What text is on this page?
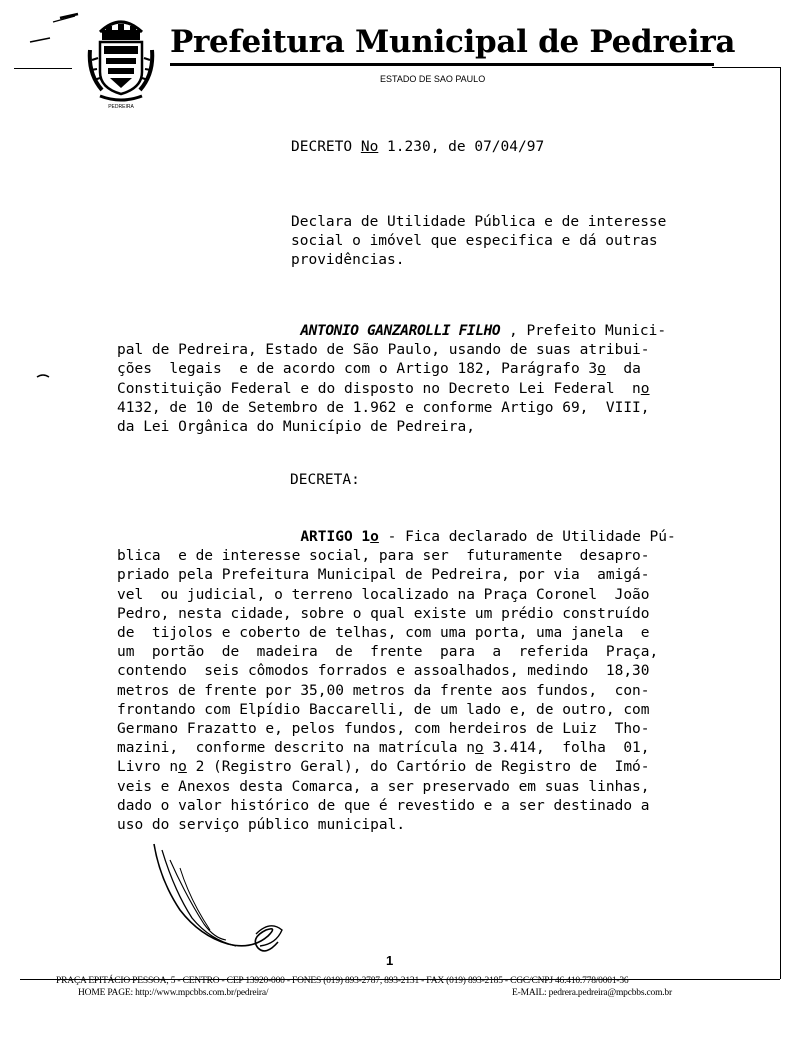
PEDREIRA
Prefeitura Municipal de Pedreira
ESTADO DE SAO PAULO
DECRETO No 1.230, de 07/04/97
Declara de Utilidade Pública e de interesse
social o imóvel que especifica e dá outras
providências.
ANTONIO GANZAROLLI FILHO , Prefeito Munici-
pal de Pedreira, Estado de São Paulo, usando de suas atribui-
ções  legais  e de acordo com o Artigo 182, Parágrafo 3o  da
Constituição Federal e do disposto no Decreto Lei Federal  no
4132, de 10 de Setembro de 1.962 e conforme Artigo 69,  VIII,
da Lei Orgânica do Município de Pedreira,
DECRETA:
ARTIGO 1o - Fica declarado de Utilidade Pú-
blica  e de interesse social, para ser  futuramente  desapro-
priado pela Prefeitura Municipal de Pedreira, por via  amigá-
vel  ou judicial, o terreno localizado na Praça Coronel  João
Pedro, nesta cidade, sobre o qual existe um prédio construído
de  tijolos e coberto de telhas, com uma porta, uma janela  e
um  portão  de  madeira  de  frente  para  a  referida  Praça,
contendo  seis cômodos forrados e assoalhados, medindo  18,30
metros de frente por 35,00 metros da frente aos fundos,  con-
frontando com Elpídio Baccarelli, de um lado e, de outro, com
Germano Frazatto e, pelos fundos, com herdeiros de Luiz  Tho-
mazini,  conforme descrito na matrícula no 3.414,  folha  01,
Livro no 2 (Registro Geral), do Cartório de Registro de  Imó-
veis e Anexos desta Comarca, a ser preservado em suas linhas,
dado o valor histórico de que é revestido e a ser destinado a
uso do serviço público municipal.
1
PRAÇA EPITÁCIO PESSOA, 5 - CENTRO - CEP 13920-000 - FONES (019) 893-2787, 893-2131 - FAX (019) 893-2185 - CGC/CNPJ 46.410.778/0001-36
HOME PAGE: http://www.mpcbbs.com.br/pedreira/	E-MAIL: pedrera.pedreira@mpcbbs.com.br
